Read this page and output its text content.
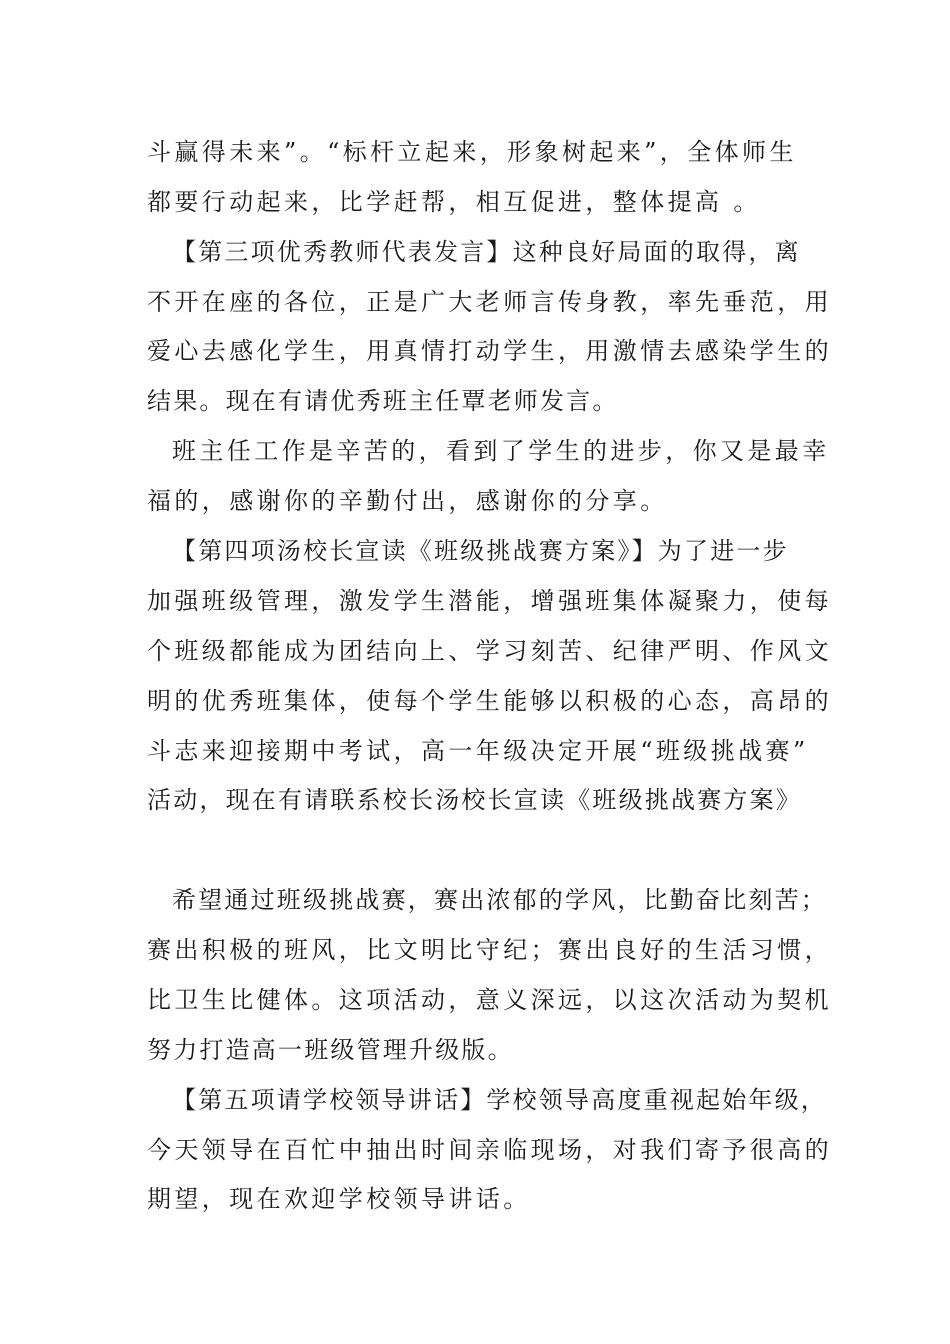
斗赢得未来”。“标杆立起来，形象树起来”，全体师生
都要行动起来，比学赶帮，相互促进，整体提高 。
【第三项优秀教师代表发言】这种良好局面的取得，离
不开在座的各位，正是广大老师言传身教，率先垂范，用
爱心去感化学生，用真情打动学生，用激情去感染学生的
结果。现在有请优秀班主任覃老师发言。
班主任工作是辛苦的，看到了学生的进步，你又是最幸
福的，感谢你的辛勤付出，感谢你的分享。
【第四项汤校长宣读《班级挑战赛方案》】为了进一步
加强班级管理，激发学生潜能，增强班集体凝聚力，使每
个班级都能成为团结向上、学习刻苦、纪律严明、作风文
明的优秀班集体，使每个学生能够以积极的心态，高昂的
斗志来迎接期中考试，高一年级决定开展“班级挑战赛”
活动，现在有请联系校长汤校长宣读《班级挑战赛方案》
希望通过班级挑战赛，赛出浓郁的学风，比勤奋比刻苦；
赛出积极的班风，比文明比守纪；赛出良好的生活习惯，
比卫生比健体。这项活动，意义深远，以这次活动为契机
努力打造高一班级管理升级版。
【第五项请学校领导讲话】学校领导高度重视起始年级，
今天领导在百忙中抽出时间亲临现场，对我们寄予很高的
期望，现在欢迎学校领导讲话。
